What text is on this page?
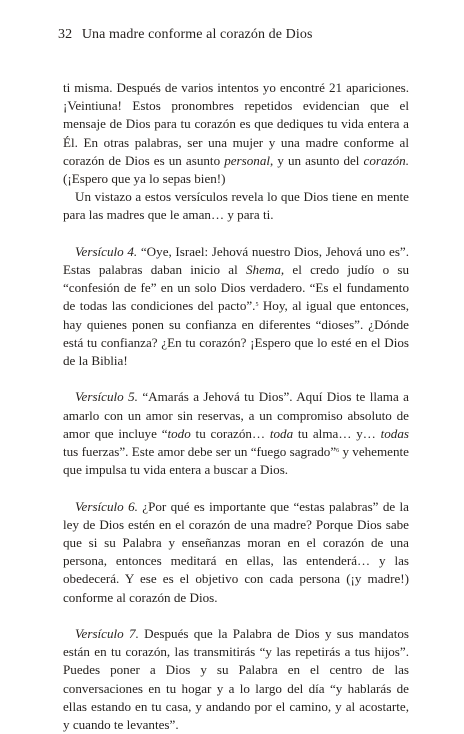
32 Una madre conforme al corazón de Dios

ti misma. Después de varios intentos yo encontré 21 apariciones. ¡Veintiuna! Estos pronombres repetidos evidencian que el mensaje de Dios para tu corazón es que dediques tu vida entera a Él. En otras palabras, ser una mujer y una madre conforme al corazón de Dios es un asunto personal, y un asunto del corazón. (¡Espero que ya lo sepas bien!)

Un vistazo a estos versículos revela lo que Dios tiene en mente para las madres que le aman… y para ti.

Versículo 4. “Oye, Israel: Jehová nuestro Dios, Jehová uno es”. Estas palabras daban inicio al Shema, el credo judío o su “confesión de fe” en un solo Dios verdadero. “Es el fundamento de todas las condiciones del pacto”.$^5$ Hoy, al igual que entonces, hay quienes ponen su confianza en diferentes “dioses”. ¿Dónde está tu confianza? ¿En tu corazón? ¡Espero que lo esté en el Dios de la Biblia!

Versículo 5. “Amarás a Jehová tu Dios”. Aquí Dios te llama a amarlo con un amor sin reservas, a un compromiso absoluto de amor que incluye “todo tu corazón… toda tu alma… y… todas tus fuerzas”. Este amor debe ser un “fuego sagrado”$^6$ y vehemente que impulsa tu vida entera a buscar a Dios.

Versículo 6. ¿Por qué es importante que “estas palabras” de la ley de Dios estén en el corazón de una madre? Porque Dios sabe que si su Palabra y enseñanzas moran en el corazón de una persona, entonces meditará en ellas, las entenderá… y las obedecerá. Y ese es el objetivo con cada persona (¡y madre!) conforme al corazón de Dios.

Versículo 7. Después que la Palabra de Dios y sus mandatos están en tu corazón, las transmitirás “y las repetirás a tus hijos”. Puedes poner a Dios y su Palabra en el centro de las conversaciones en tu hogar y a lo largo del día “y hablarás de ellas estando en tu casa, y andando por el camino, y al acostarte, y cuando te levantes”.
